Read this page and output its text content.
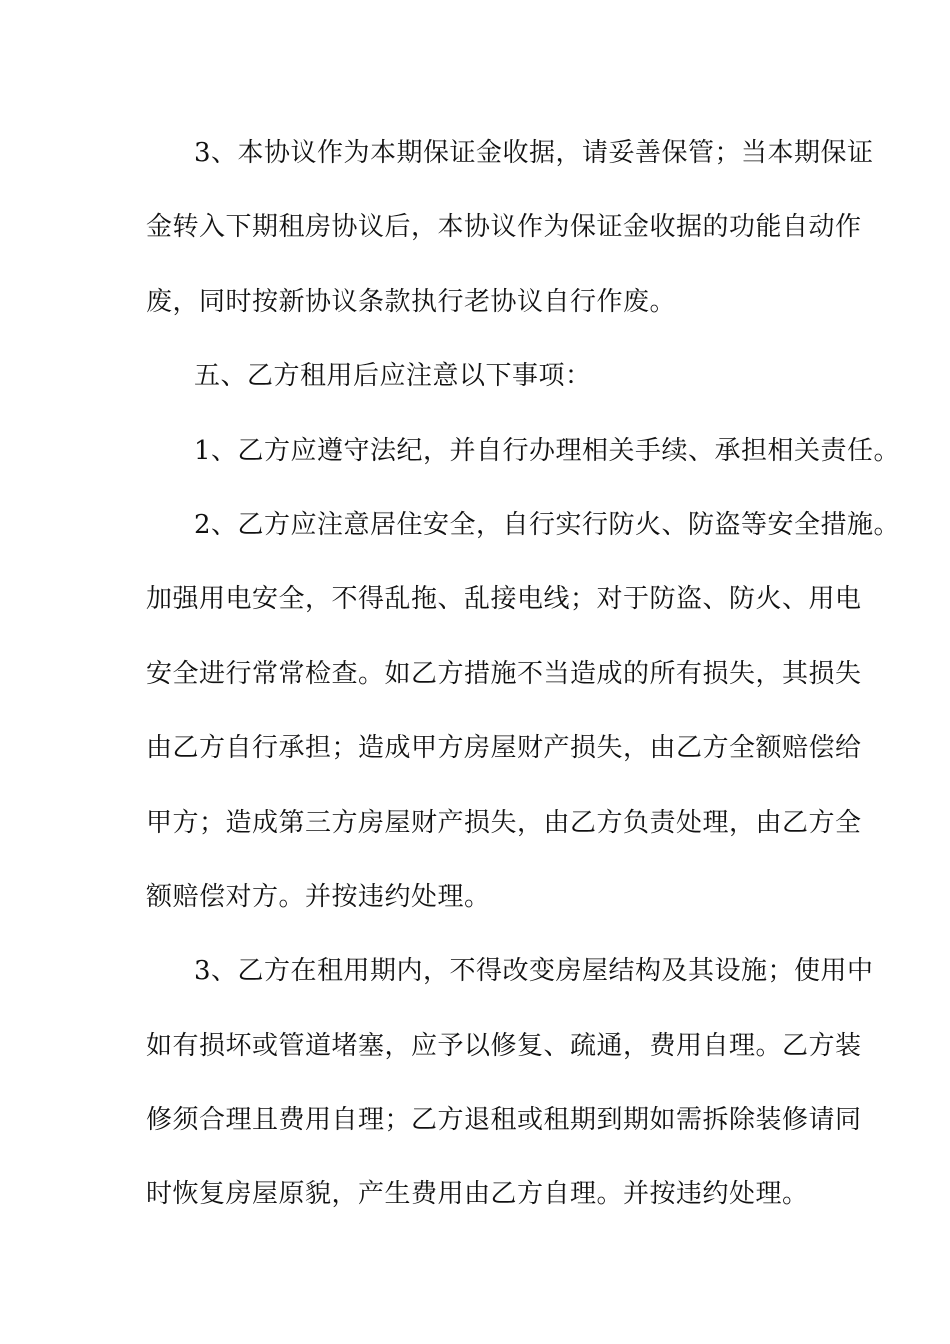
3、本协议作为本期保证金收据，请妥善保管；当本期保证
金转入下期租房协议后，本协议作为保证金收据的功能自动作
废，同时按新协议条款执行老协议自行作废。
五、乙方租用后应注意以下事项：
1、乙方应遵守法纪，并自行办理相关手续、承担相关责任。
2、乙方应注意居住安全，自行实行防火、防盗等安全措施。
加强用电安全，不得乱拖、乱接电线；对于防盗、防火、用电
安全进行常常检查。如乙方措施不当造成的所有损失，其损失
由乙方自行承担；造成甲方房屋财产损失，由乙方全额赔偿给
甲方；造成第三方房屋财产损失，由乙方负责处理，由乙方全
额赔偿对方。并按违约处理。
3、乙方在租用期内，不得改变房屋结构及其设施；使用中
如有损坏或管道堵塞，应予以修复、疏通，费用自理。乙方装
修须合理且费用自理；乙方退租或租期到期如需拆除装修请同
时恢复房屋原貌，产生费用由乙方自理。并按违约处理。
